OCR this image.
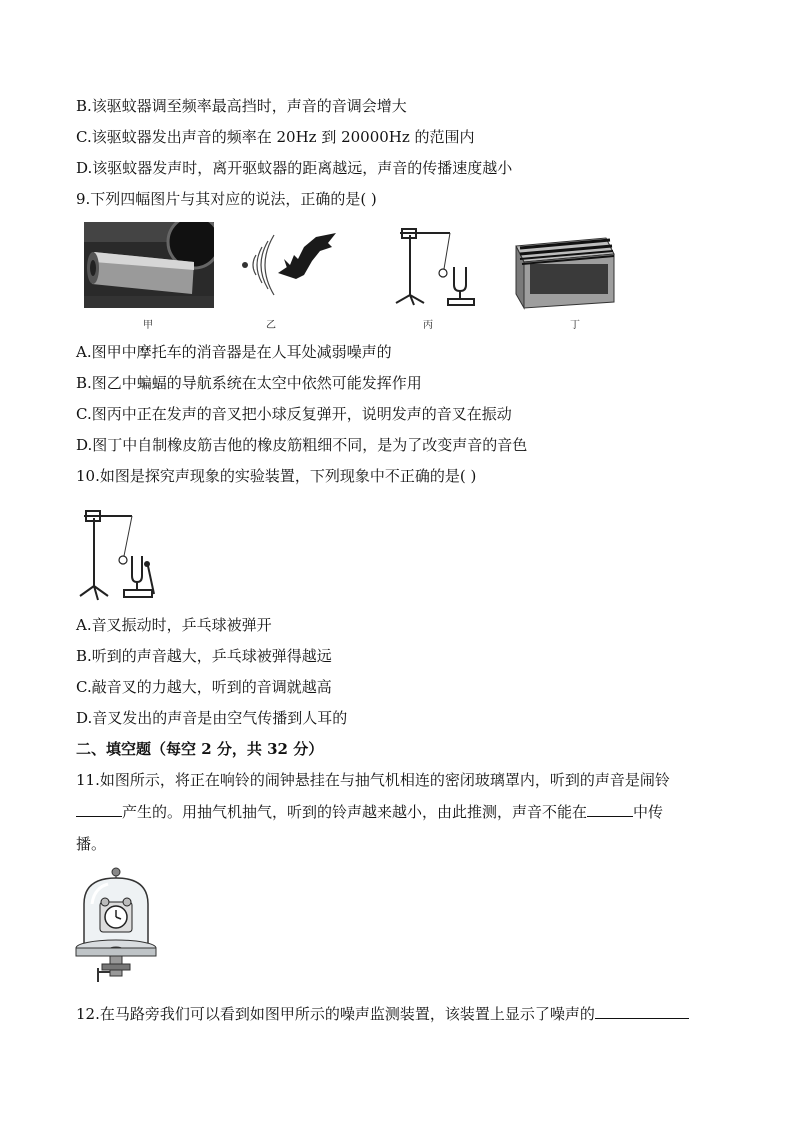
B.该驱蚊器调至频率最高挡时，声音的音调会增大
C.该驱蚊器发出声音的频率在 20Hz 到 20000Hz 的范围内
D.该驱蚊器发声时，离开驱蚊器的距离越远，声音的传播速度越小
9.下列四幅图片与其对应的说法，正确的是( )
甲	乙	丙	丁
A.图甲中摩托车的消音器是在人耳处减弱噪声的
B.图乙中蝙蝠的导航系统在太空中依然可能发挥作用
C.图丙中正在发声的音叉把小球反复弹开，说明发声的音叉在振动
D.图丁中自制橡皮筋吉他的橡皮筋粗细不同，是为了改变声音的音色
10.如图是探究声现象的实验装置，下列现象中不正确的是( )
A.音叉振动时，乒乓球被弹开
B.听到的声音越大，乒乓球被弹得越远
C.敲音叉的力越大，听到的音调就越高
D.音叉发出的声音是由空气传播到人耳的
二、填空题（每空 2 分，共 32 分）
11.如图所示，将正在响铃的闹钟悬挂在与抽气机相连的密闭玻璃罩内，听到的声音是闹铃
产生的。用抽气机抽气，听到的铃声越来越小，由此推测，声音不能在	中传
播。
12.在马路旁我们可以看到如图甲所示的噪声监测装置，该装置上显示了噪声的
